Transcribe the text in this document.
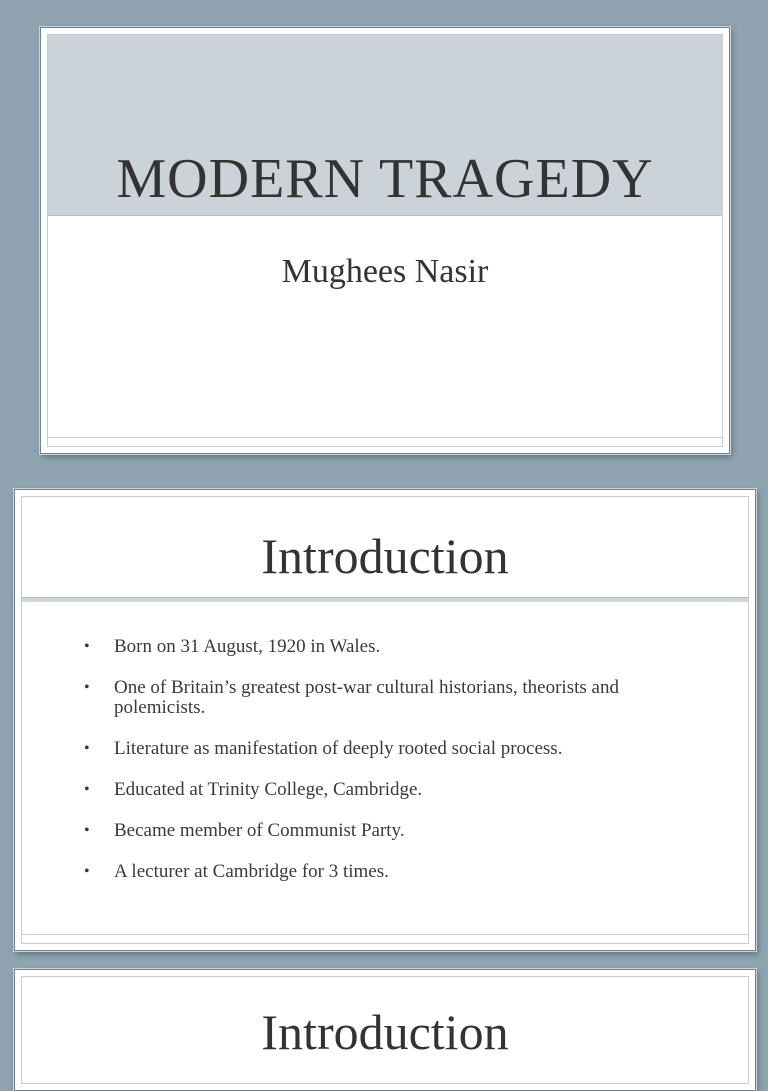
MODERN TRAGEDY
Mughees Nasir
Introduction
• Born on 31 August, 1920 in Wales.
• One of Britain’s greatest post-war cultural historians, theorists and polemicists.
• Literature as manifestation of deeply rooted social process.
• Educated at Trinity College, Cambridge.
• Became member of Communist Party.
• A lecturer at Cambridge for 3 times.
Introduction
